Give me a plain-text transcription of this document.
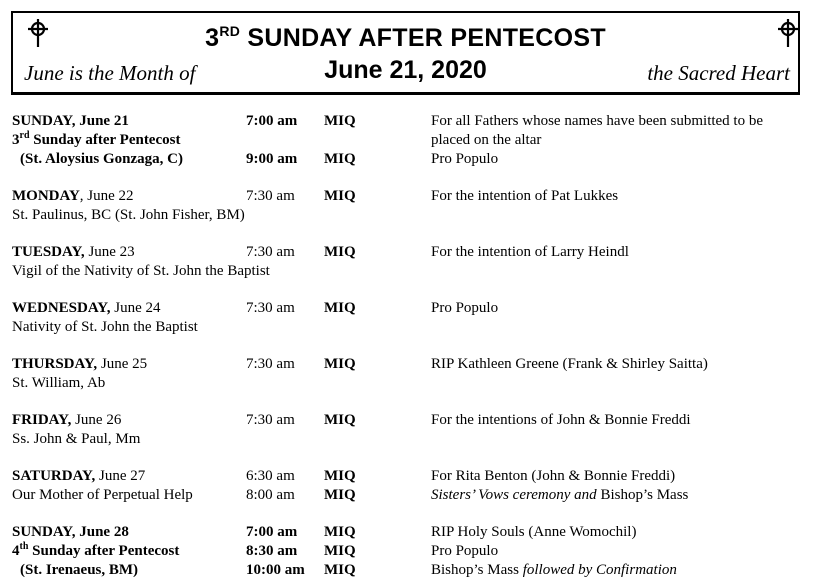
3RD SUNDAY AFTER PENTECOST
June is the Month of	June 21, 2020	the Sacred Heart
SUNDAY, June 21	7:00 am MIQ	For all Fathers whose names have been submitted to be
3rd Sunday after Pentecost	placed on the altar
(St. Aloysius Gonzaga, C)	9:00 am MIQ	Pro Populo
MONDAY, June 22	7:30 am MIQ	For the intention of Pat Lukkes
St. Paulinus, BC (St. John Fisher, BM)
TUESDAY, June 23	7:30 am MIQ	For the intention of Larry Heindl
Vigil of the Nativity of St. John the Baptist
WEDNESDAY, June 24	7:30 am MIQ	Pro Populo
Nativity of St. John the Baptist
THURSDAY, June 25	7:30 am MIQ	RIP Kathleen Greene (Frank & Shirley Saitta)
St. William, Ab
FRIDAY, June 26	7:30 am MIQ	For the intentions of John & Bonnie Freddi
Ss. John & Paul, Mm
SATURDAY, June 27	6:30 am MIQ	For Rita Benton (John & Bonnie Freddi)
Our Mother of Perpetual Help	8:00 am MIQ	Sisters’ Vows ceremony and Bishop’s Mass
SUNDAY, June 28	7:00 am MIQ	RIP Holy Souls (Anne Womochil)
4th Sunday after Pentecost	8:30 am MIQ	Pro Populo
(St. Irenaeus, BM)	10:00 am MIQ	Bishop’s Mass followed by Confirmation
